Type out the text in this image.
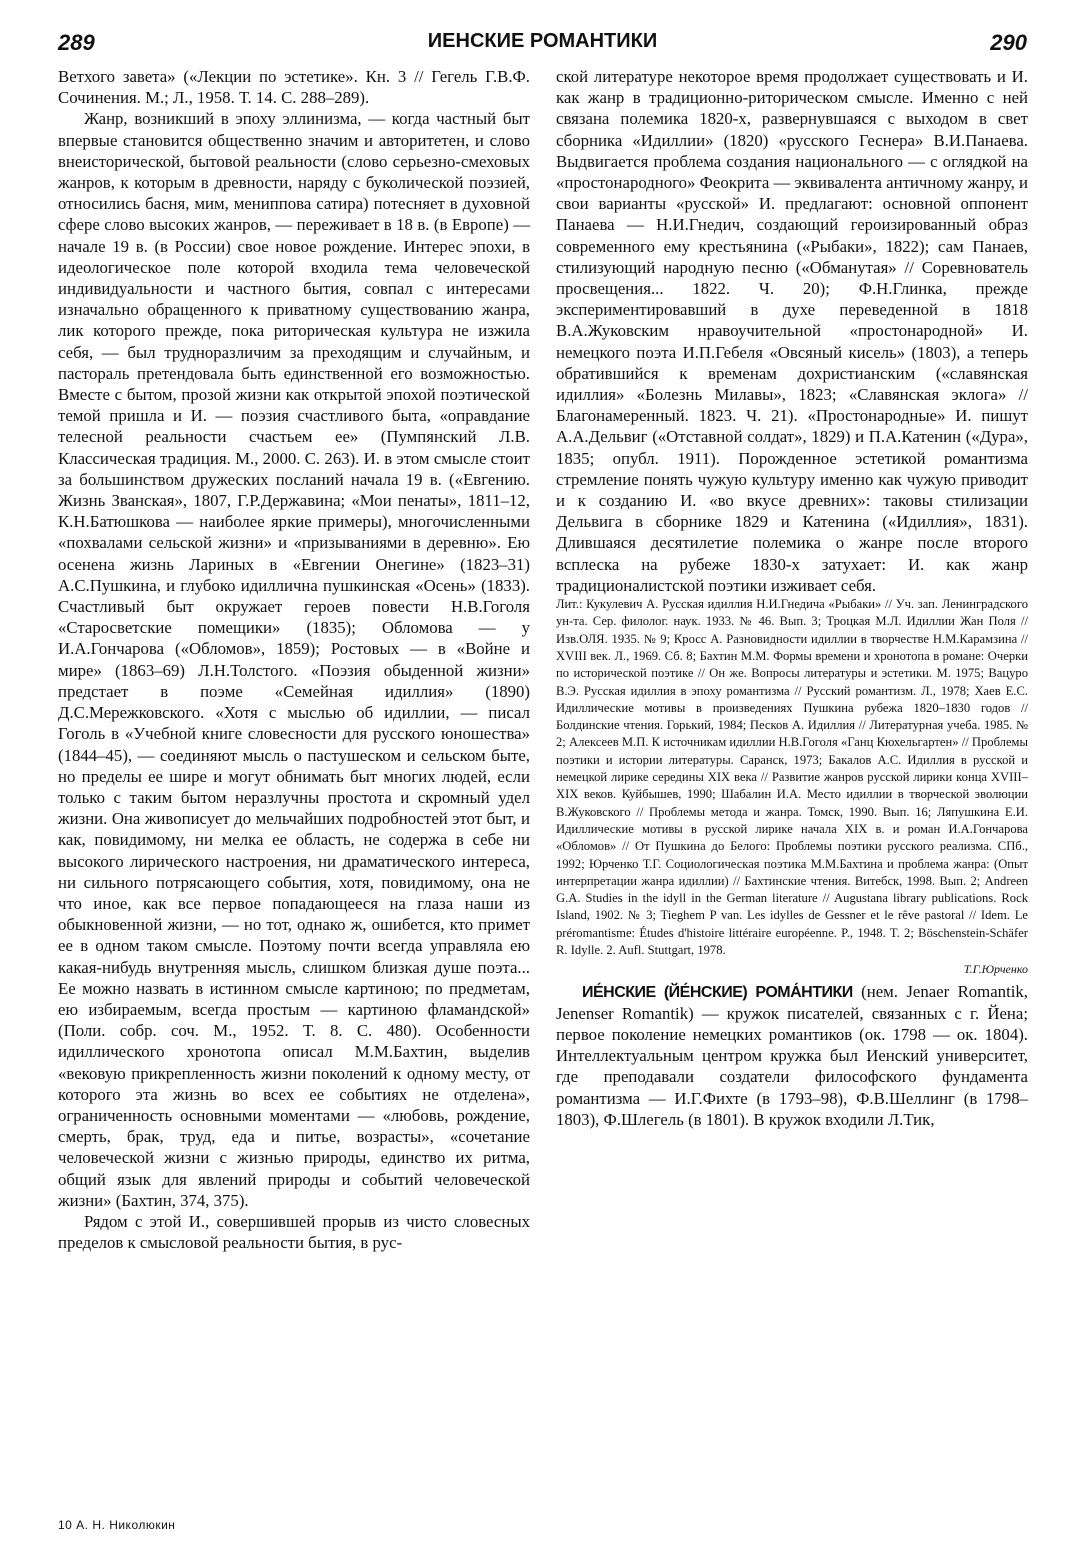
289	ИЕНСКИЕ РОМАНТИКИ	290

Ветхого завета» («Лекции по эстетике». Кн. 3 // Гегель Г.В.Ф. Сочинения. М.; Л., 1958. Т. 14. С. 288–289).

Жанр, возникший в эпоху эллинизма, — когда частный быт впервые становится общественно значим и авторитетен, и слово внеисторической, бытовой реальности (слово серьезно-смеховых жанров, к которым в древности, наряду с буколической поэзией, относились басня, мим, мениппова сатира) потесняет в духовной сфере слово высоких жанров, — переживает в 18 в. (в Европе) — начале 19 в. (в России) свое новое рождение. Интерес эпохи, в идеологическое поле которой входила тема человеческой индивидуальности и частного бытия, совпал с интересами изначально обращенного к приватному существованию жанра, лик которого прежде, пока риторическая культура не изжила себя, — был трудноразличим за преходящим и случайным, и пастораль претендовала быть единственной его возможностью. Вместе с бытом, прозой жизни как открытой эпохой поэтической темой пришла и И. — поэзия счастливого быта, «оправдание телесной реальности счастьем ее» (Пумпянский Л.В. Классическая традиция. М., 2000. С. 263). И. в этом смысле стоит за большинством дружеских посланий начала 19 в. («Евгению. Жизнь Званская», 1807, Г.Р.Державина; «Мои пенаты», 1811–12, К.Н.Батюшкова — наиболее яркие примеры), многочисленными «похвалами сельской жизни» и «призываниями в деревню». Ею осенена жизнь Лариных в «Евгении Онегине» (1823–31) А.С.Пушкина, и глубоко идиллична пушкинская «Осень» (1833). Счастливый быт окружает героев повести Н.В.Гоголя «Старосветские помещики» (1835); Обломова — у И.А.Гончарова («Обломов», 1859); Ростовых — в «Войне и мире» (1863–69) Л.Н.Толстого. «Поэзия обыденной жизни» предстает в поэме «Семейная идиллия» (1890) Д.С.Мережковского. «Хотя с мыслью об идиллии, — писал Гоголь в «Учебной книге словесности для русского юношества» (1844–45), — соединяют мысль о пастушеском и сельском быте, но пределы ее шире и могут обнимать быт многих людей, если только с таким бытом неразлучны простота и скромный удел жизни. Она живописует до мельчайших подробностей этот быт, и как, повидимому, ни мелка ее область, не содержа в себе ни высокого лирического настроения, ни драматического интереса, ни сильного потрясающего события, хотя, повидимому, она не что иное, как все первое попадающееся на глаза наши из обыкновенной жизни, — но тот, однако ж, ошибется, кто примет ее в одном таком смысле. Поэтому почти всегда управляла ею какая-нибудь внутренняя мысль, слишком близкая душе поэта... Ее можно назвать в истинном смысле картиною; по предметам, ею избираемым, всегда простым — картиною фламандской» (Поли. собр. соч. М., 1952. Т. 8. С. 480). Особенности идиллического хронотопа описал М.М.Бахтин, выделив «вековую прикрепленность жизни поколений к одному месту, от которого эта жизнь во всех ее событиях не отделена», ограниченность основными моментами — «любовь, рождение, смерть, брак, труд, еда и питье, возрасты», «сочетание человеческой жизни с жизнью природы, единство их ритма, общий язык для явлений природы и событий человеческой жизни» (Бахтин, 374, 375).

Рядом с этой И., совершившей прорыв из чисто словесных пределов к смысловой реальности бытия, в рус-

ской литературе некоторое время продолжает существовать и И. как жанр в традиционно-риторическом смысле. Именно с ней связана полемика 1820-х, развернувшаяся с выходом в свет сборника «Идиллии» (1820) «русского Геснера» В.И.Панаева. Выдвигается проблема создания национального — с оглядкой на «простонародного» Феокрита — эквивалента античному жанру, и свои варианты «русской» И. предлагают: основной оппонент Панаева — Н.И.Гнедич, создающий героизированный образ современного ему крестьянина («Рыбаки», 1822); сам Панаев, стилизующий народную песню («Обманутая» // Соревнователь просвещения... 1822. Ч. 20); Ф.Н.Глинка, прежде экспериментировавший в духе переведенной в 1818 В.А.Жуковским нравоучительной «простонародной» И. немецкого поэта И.П.Гебеля «Овсяный кисель» (1803), а теперь обратившийся к временам дохристианским («славянская идиллия» «Болезнь Милавы», 1823; «Славянская эклога» // Благонамеренный. 1823. Ч. 21). «Простонародные» И. пишут А.А.Дельвиг («Отставной солдат», 1829) и П.А.Катенин («Дура», 1835; опубл. 1911). Порожденное эстетикой романтизма стремление понять чужую культуру именно как чужую приводит и к созданию И. «во вкусе древних»: таковы стилизации Дельвига в сборнике 1829 и Катенина («Идиллия», 1831). Длившаяся десятилетие полемика о жанре после второго всплеска на рубеже 1830-х затухает: И. как жанр традиционалистской поэтики изживает себя.

Лит.: Кукулевич А. Русская идиллия Н.И.Гнедича «Рыбаки» // Уч. зап. Ленинградского ун-та. Сер. филолог. наук. 1933. № 46. Вып. 3; Троцкая М.Л. Идиллии Жан Поля // Изв.ОЛЯ. 1935. № 9; Кросс А. Разновидности идиллии в творчестве Н.М.Карамзина // XVIII век. Л., 1969. Сб. 8; Бахтин М.М. Формы времени и хронотопа в романе: Очерки по исторической поэтике // Он же. Вопросы литературы и эстетики. М. 1975; Вацуро В.Э. Русская идиллия в эпоху романтизма // Русский романтизм. Л., 1978; Хаев Е.С. Идиллические мотивы в произведениях Пушкина рубежа 1820–1830 годов // Болдинские чтения. Горький, 1984; Песков А. Идиллия // Литературная учеба. 1985. № 2; Алексеев М.П. К источникам идиллии Н.В.Гоголя «Ганц Кюхельгартен» // Проблемы поэтики и истории литературы. Саранск, 1973; Бакалов А.С. Идиллия в русской и немецкой лирике середины XIX века // Развитие жанров русской лирики конца XVIII–XIX веков. Куйбышев, 1990; Шабалин И.А. Место идиллии в творческой эволюции В.Жуковского // Проблемы метода и жанра. Томск, 1990. Вып. 16; Ляпушкина Е.И. Идиллические мотивы в русской лирике начала XIX в. и роман И.А.Гончарова «Обломов» // От Пушкина до Белого: Проблемы поэтики русского реализма. СПб., 1992; Юрченко Т.Г. Социологическая поэтика М.М.Бахтина и проблема жанра: (Опыт интерпретации жанра идиллии) // Бахтинские чтения. Витебск, 1998. Вып. 2; Andreen G.A. Studies in the idyll in the German literature // Augustana library publications. Rock Island, 1902. № 3; Tieghem P van. Les idylles de Gessner et le rêve pastoral // Idem. Le préromantisme: Études d'histoire littéraire européenne. P., 1948. T. 2; Böschenstein-Schäfer R. Idylle. 2. Aufl. Stuttgart, 1978.

Т.Г.Юрченко

ИЕ́НСКИЕ (ЙЕ́НСКИЕ) РОМА́НТИКИ (нем. Jenaer Romantik, Jenenser Romantik) — кружок писателей, связанных с г. Йена; первое поколение немецких романтиков (ок. 1798 — ок. 1804). Интеллектуальным центром кружка был Иенский университет, где преподавали создатели философского фундамента романтизма — И.Г.Фихте (в 1793–98), Ф.В.Шеллинг (в 1798–1803), Ф.Шлегель (в 1801). В кружок входили Л.Тик,

10 А. Н. Николюкин
